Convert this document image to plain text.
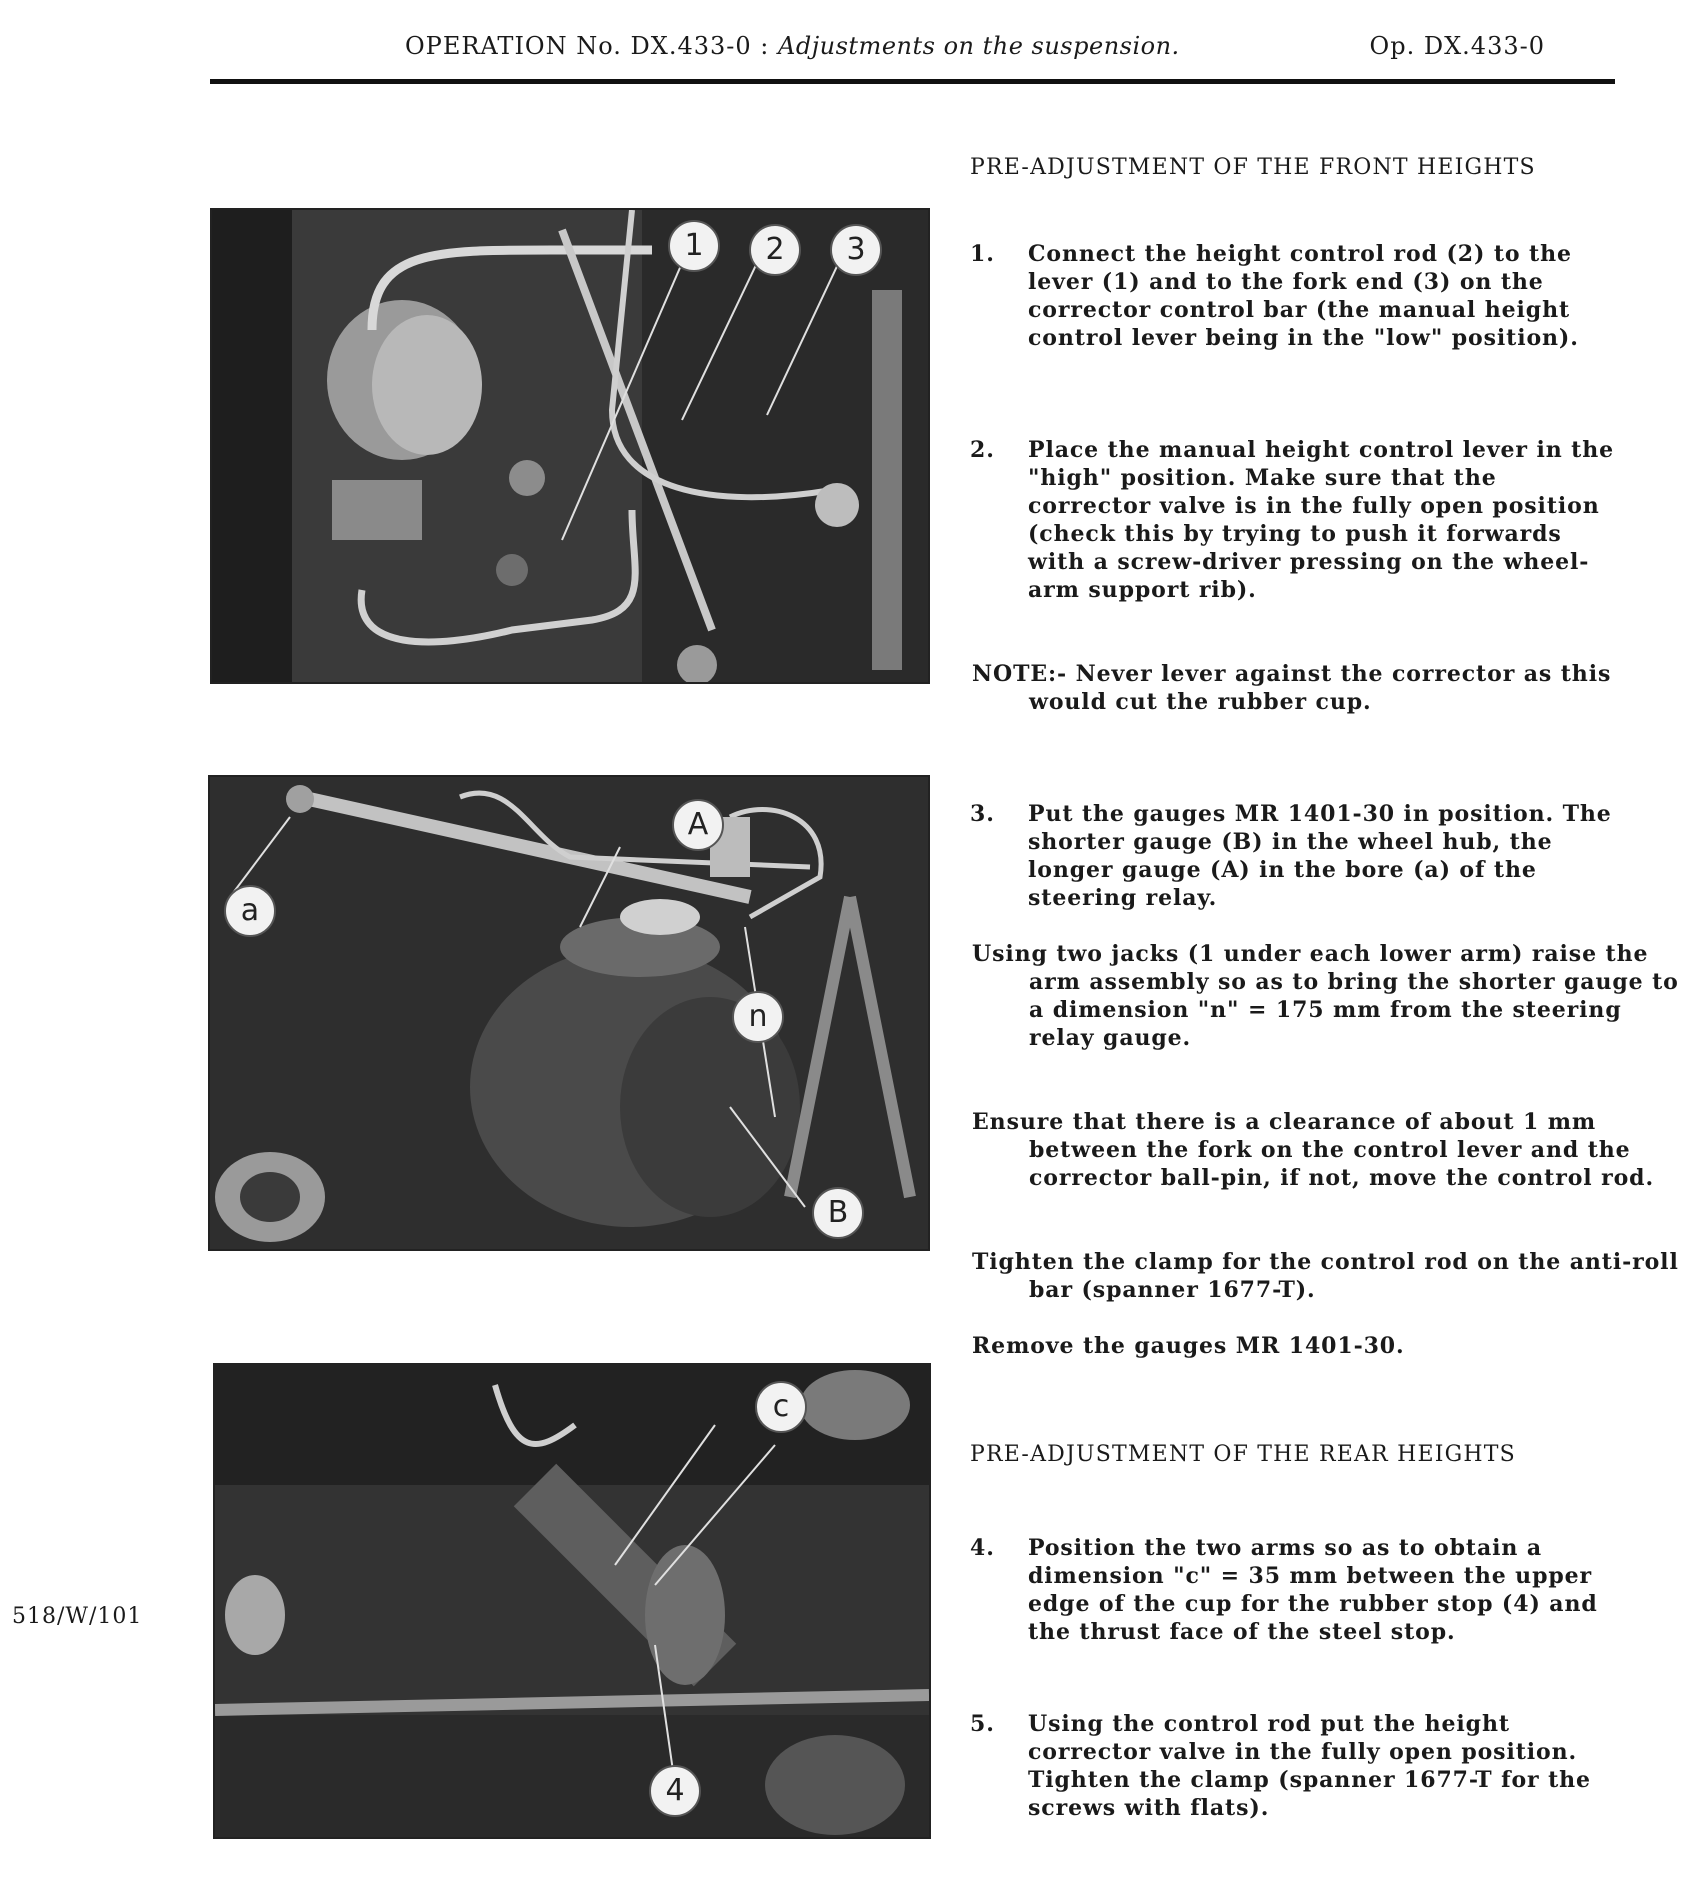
OPERATION No. DX.433-0 : Adjustments on the suspension.	Op. DX.433-0
518/W/101
1	2	3
A
a
n
B
c
4
PRE-ADJUSTMENT OF THE FRONT HEIGHTS
1. Connect the height control rod (2) to the lever (1) and to the fork end (3) on the corrector control bar (the manual height control lever being in the "low" position).
2. Place the manual height control lever in the "high" position. Make sure that the corrector valve is in the fully open position (check this by trying to push it forwards with a screw-driver pressing on the wheel-arm support rib).
NOTE:- Never lever against the corrector as this would cut the rubber cup.
3. Put the gauges MR 1401-30 in position. The shorter gauge (B) in the wheel hub, the longer gauge (A) in the bore (a) of the steering relay.
Using two jacks (1 under each lower arm) raise the arm assembly so as to bring the shorter gauge to a dimension "n" = 175 mm from the steering relay gauge.
Ensure that there is a clearance of about 1 mm between the fork on the control lever and the corrector ball-pin, if not, move the control rod.
Tighten the clamp for the control rod on the anti-roll bar (spanner 1677-T).
Remove the gauges MR 1401-30.
PRE-ADJUSTMENT OF THE REAR HEIGHTS
4. Position the two arms so as to obtain a dimension "c" = 35 mm between the upper edge of the cup for the rubber stop (4) and the thrust face of the steel stop.
5. Using the control rod put the height corrector valve in the fully open position. Tighten the clamp (spanner 1677-T for the screws with flats).
